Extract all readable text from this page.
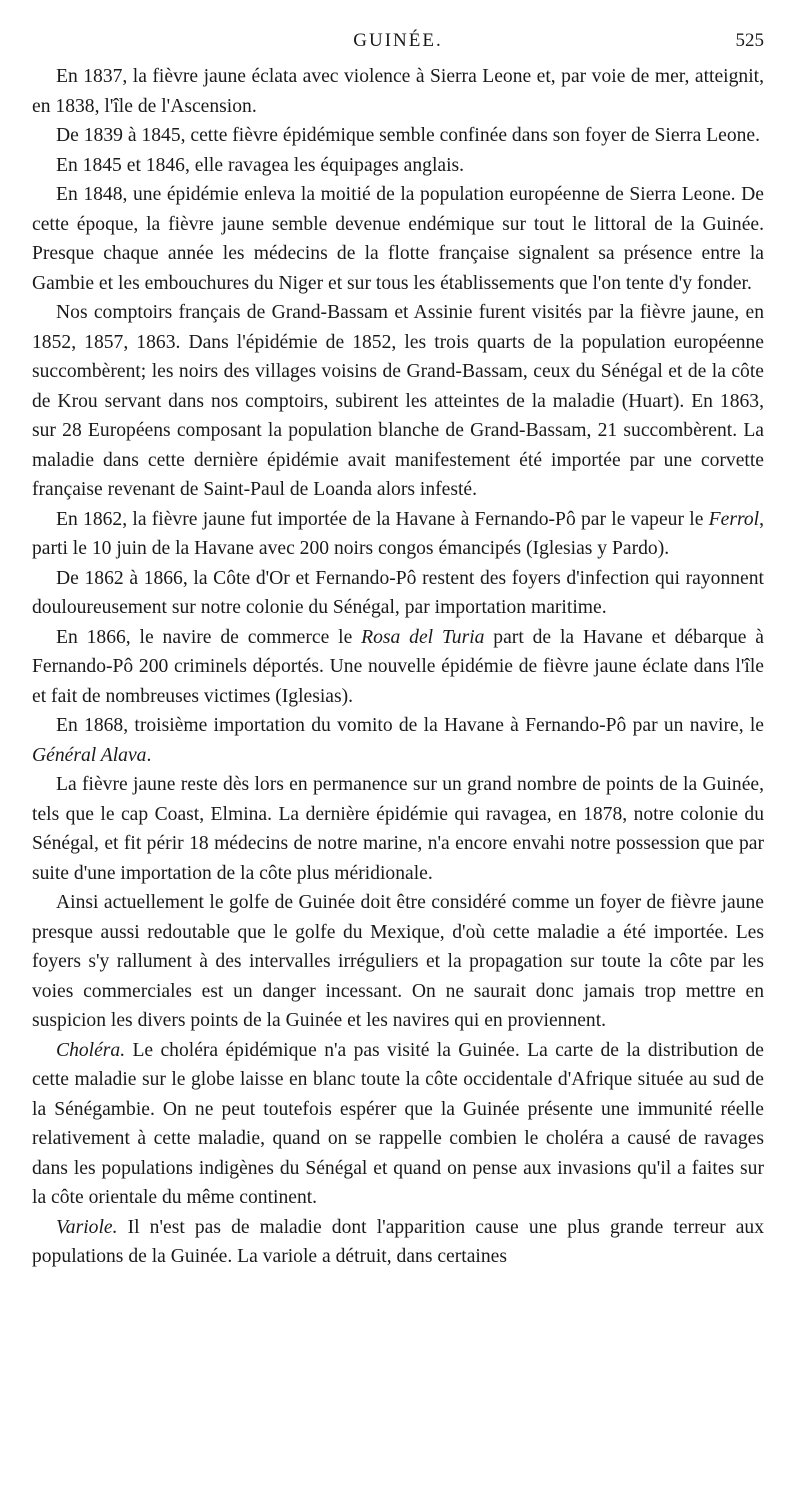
GUINÉE.	525

En 1837, la fièvre jaune éclata avec violence à Sierra Leone et, par voie de mer, atteignit, en 1838, l'île de l'Ascension.

De 1839 à 1845, cette fièvre épidémique semble confinée dans son foyer de Sierra Leone.

En 1845 et 1846, elle ravagea les équipages anglais.

En 1848, une épidémie enleva la moitié de la population européenne de Sierra Leone. De cette époque, la fièvre jaune semble devenue endémique sur tout le littoral de la Guinée. Presque chaque année les médecins de la flotte française signalent sa présence entre la Gambie et les embouchures du Niger et sur tous les établissements que l'on tente d'y fonder.

Nos comptoirs français de Grand-Bassam et Assinie furent visités par la fièvre jaune, en 1852, 1857, 1863. Dans l'épidémie de 1852, les trois quarts de la population européenne succombèrent; les noirs des villages voisins de Grand-Bassam, ceux du Sénégal et de la côte de Krou servant dans nos comptoirs, subirent les atteintes de la maladie (Huart). En 1863, sur 28 Européens composant la population blanche de Grand-Bassam, 21 succombèrent. La maladie dans cette dernière épidémie avait manifestement été importée par une corvette française revenant de Saint-Paul de Loanda alors infesté.

En 1862, la fièvre jaune fut importée de la Havane à Fernando-Pô par le vapeur le Ferrol, parti le 10 juin de la Havane avec 200 noirs congos émancipés (Iglesias y Pardo).

De 1862 à 1866, la Côte d'Or et Fernando-Pô restent des foyers d'infection qui rayonnent douloureusement sur notre colonie du Sénégal, par importation maritime.

En 1866, le navire de commerce le Rosa del Turia part de la Havane et débarque à Fernando-Pô 200 criminels déportés. Une nouvelle épidémie de fièvre jaune éclate dans l'île et fait de nombreuses victimes (Iglesias).

En 1868, troisième importation du vomito de la Havane à Fernando-Pô par un navire, le Général Alava.

La fièvre jaune reste dès lors en permanence sur un grand nombre de points de la Guinée, tels que le cap Coast, Elmina. La dernière épidémie qui ravagea, en 1878, notre colonie du Sénégal, et fit périr 18 médecins de notre marine, n'a encore envahi notre possession que par suite d'une importation de la côte plus méridionale.

Ainsi actuellement le golfe de Guinée doit être considéré comme un foyer de fièvre jaune presque aussi redoutable que le golfe du Mexique, d'où cette maladie a été importée. Les foyers s'y rallument à des intervalles irréguliers et la propagation sur toute la côte par les voies commerciales est un danger incessant. On ne saurait donc jamais trop mettre en suspicion les divers points de la Guinée et les navires qui en proviennent.

Choléra. Le choléra épidémique n'a pas visité la Guinée. La carte de la distribution de cette maladie sur le globe laisse en blanc toute la côte occidentale d'Afrique située au sud de la Sénégambie. On ne peut toutefois espérer que la Guinée présente une immunité réelle relativement à cette maladie, quand on se rappelle combien le choléra a causé de ravages dans les populations indigènes du Sénégal et quand on pense aux invasions qu'il a faites sur la côte orientale du même continent.

Variole. Il n'est pas de maladie dont l'apparition cause une plus grande terreur aux populations de la Guinée. La variole a détruit, dans certaines
